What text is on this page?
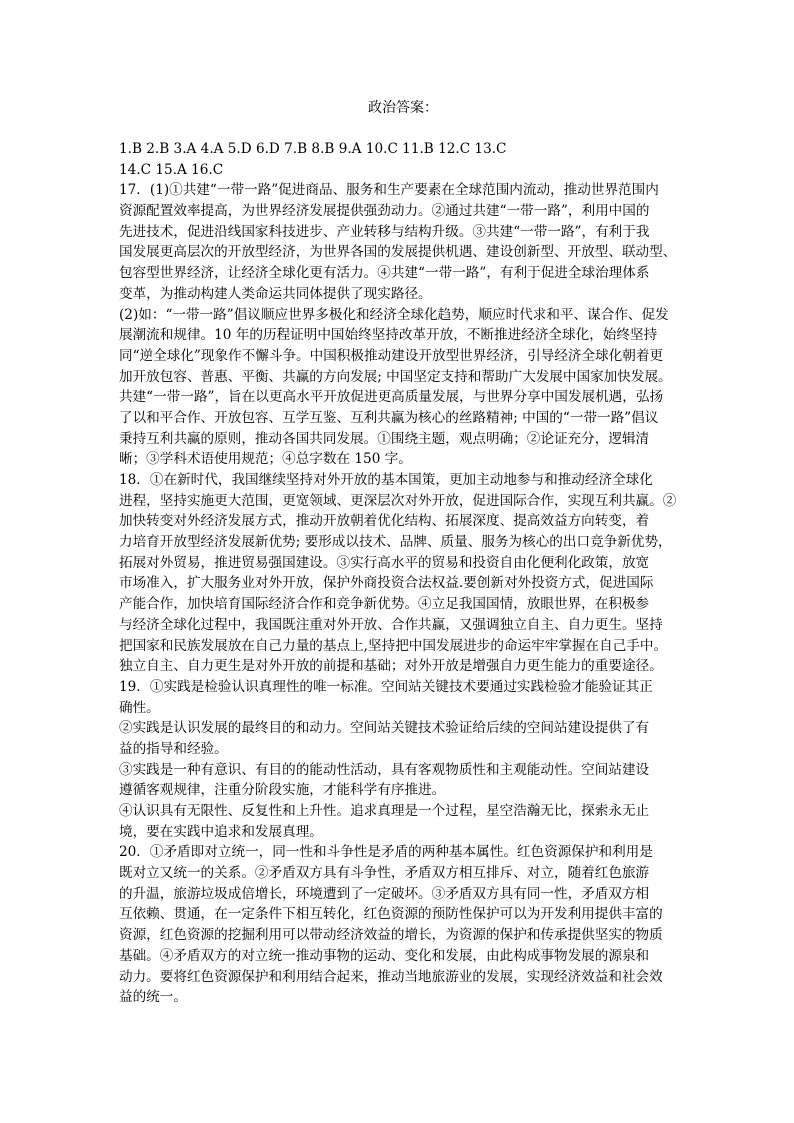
政治答案：
1.B 2.B 3.A 4.A 5.D 6.D 7.B 8.B 9.A 10.C 11.B 12.C 13.C
14.C 15.A 16.C
17．(1)①共建“一带一路”促进商品、服务和生产要素在全球范围内流动，推动世界范围内
资源配置效率提高，为世界经济发展提供强劲动力。②通过共建“一带一路”，利用中国的
先进技术，促进沿线国家科技进步、产业转移与结构升级。③共建“一带一路”，有利于我
国发展更高层次的开放型经济，为世界各国的发展提供机遇、建设创新型、开放型、联动型、
包容型世界经济，让经济全球化更有活力。④共建“一带一路”，有利于促进全球治理体系
变革，为推动构建人类命运共同体提供了现实路径。
(2)如：“一带一路”倡议顺应世界多极化和经济全球化趋势，顺应时代求和平、谋合作、促发
展潮流和规律。10 年的历程证明中国始终坚持改革开放，不断推进经济全球化，始终坚持
同“逆全球化”现象作不懈斗争。中国积极推动建设开放型世界经济，引导经济全球化朝着更
加开放包容、普惠、平衡、共赢的方向发展; 中国坚定支持和帮助广大发展中国家加快发展。
共建“一带一路”，旨在以更高水平开放促进更高质量发展，与世界分享中国发展机遇，弘扬
了以和平合作、开放包容、互学互鉴、互利共赢为核心的丝路精神; 中国的“一带一路”倡议
秉持互利共赢的原则，推动各国共同发展。①围绕主题，观点明确；②论证充分，逻辑清
晰；③学科术语使用规范；④总字数在 150 字。
18．①在新时代，我国继续坚持对外开放的基本国策，更加主动地参与和推动经济全球化
进程，坚持实施更大范围，更宽领域、更深层次对外开放，促进国际合作，实现互利共赢。②
加快转变对外经济发展方式，推动开放朝着优化结构、拓展深度、提高效益方向转变，着
力培育开放型经济发展新优势; 要形成以技术、品牌、质量、服务为核心的出口竞争新优势，
拓展对外贸易，推进贸易强国建设。③实行高水平的贸易和投资自由化便利化政策，放宽
市场准入，扩大服务业对外开放，保护外商投资合法权益.要创新对外投资方式，促进国际
产能合作，加快培育国际经济合作和竞争新优势。④立足我国国情，放眼世界，在积极参
与经济全球化过程中，我国既注重对外开放、合作共赢，又强调独立自主、自力更生。坚持
把国家和民族发展放在自己力量的基点上,坚持把中国发展进步的命运牢牢掌握在自己手中。
独立自主、自力更生是对外开放的前提和基础；对外开放是增强自力更生能力的重要途径。
19．①实践是检验认识真理性的唯一标准。空间站关键技术要通过实践检验才能验证其正
确性。
②实践是认识发展的最终目的和动力。空间站关键技术验证给后续的空间站建设提供了有
益的指导和经验。
③实践是一种有意识、有目的的能动性活动，具有客观物质性和主观能动性。空间站建设
遵循客观规律，注重分阶段实施，才能科学有序推进。
④认识具有无限性、反复性和上升性。追求真理是一个过程，星空浩瀚无比，探索永无止
境，要在实践中追求和发展真理。
20．①矛盾即对立统一，同一性和斗争性是矛盾的两种基本属性。红色资源保护和利用是
既对立又统一的关系。②矛盾双方具有斗争性，矛盾双方相互排斥、对立，随着红色旅游
的升温，旅游垃圾成倍增长，环境遭到了一定破坏。③矛盾双方具有同一性，矛盾双方相
互依赖、贯通，在一定条件下相互转化，红色资源的预防性保护可以为开发利用提供丰富的
资源，红色资源的挖掘利用可以带动经济效益的增长，为资源的保护和传承提供坚实的物质
基础。④矛盾双方的对立统一推动事物的运动、变化和发展，由此构成事物发展的源泉和
动力。要将红色资源保护和利用结合起来，推动当地旅游业的发展，实现经济效益和社会效
益的统一。
